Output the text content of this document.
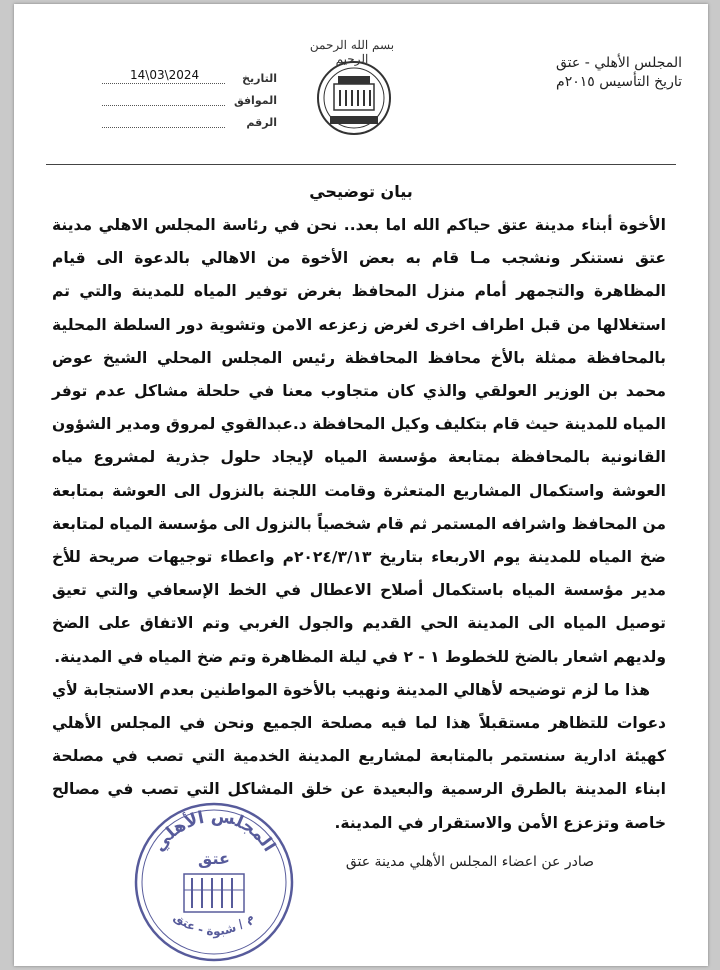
المجلس الأهلي - عتق
تاريخ التأسيس ٢٠١٥م
بسم الله الرحمن الرحيم
التاريخ
14\03\2024
الموافق
الرقم
بيان توضيحي

الأخوة أبناء مدينة عتق حياكم الله اما بعد.. نحن في رئاسة المجلس الاهلي مدينة عتق نستنكر ونشجب مـا قام به بعض الأخوة من الاهالي بالدعوة الى قيام المظاهرة والتجمهر أمام منزل المحافظ بغرض توفير المياه للمدينة والتي تم استغلالها من قبل اطراف اخرى لغرض زعزعه الامن وتشوية دور السلطة المحلية بالمحافظة ممثلة بالأخ محافظ المحافظة رئيس المجلس المحلي الشيخ عوض محمد بن الوزير العولقي والذي كان متجاوب معنا في حلحلة مشاكل عدم توفر المياه للمدينة حيث قام بتكليف وكيل المحافظة د.عبدالقوي لمروق ومدير الشؤون القانونية بالمحافظة بمتابعة مؤسسة المياه لإيجاد حلول جذرية لمشروع مياه العوشة واستكمال المشاريع المتعثرة وقامت اللجنة بالنزول الى العوشة بمتابعة من المحافظ واشرافه المستمر ثم قام شخصياً بالنزول الى مؤسسة المياه لمتابعة ضخ المياه للمدينة يوم الاربعاء بتاريخ ٢٠٢٤/٣/١٣م واعطاء توجيهات صريحة للأخ مدير مؤسسة المياه باستكمال أصلاح الاعطال في الخط الإسعافي والتي تعيق توصيل المياه الى المدينة الحي القديم والجول الغربي وتم الاتفاق على الضخ ولديهم اشعار بالضخ للخطوط ١ - ٢ في ليلة المظاهرة وتم ضخ المياه في المدينة.

هذا ما لزم توضيحه لأهالي المدينة ونهيب بالأخوة المواطنين بعدم الاستجابة لأي دعوات للتظاهر مستقبلاً هذا لما فيه مصلحة الجميع ونحن في المجلس الأهلي كهيئة ادارية سنستمر بالمتابعة لمشاريع المدينة الخدمية التي تصب في مصلحة ابناء المدينة بالطرق الرسمية والبعيدة عن خلق المشاكل التي تصب في مصالح خاصة وتزعزع الأمن والاستقرار في المدينة.

صادر عن اعضاء المجلس الأهلي مدينة عتق
المجلس الأهلي
عتق
م / شبوة - عتق
